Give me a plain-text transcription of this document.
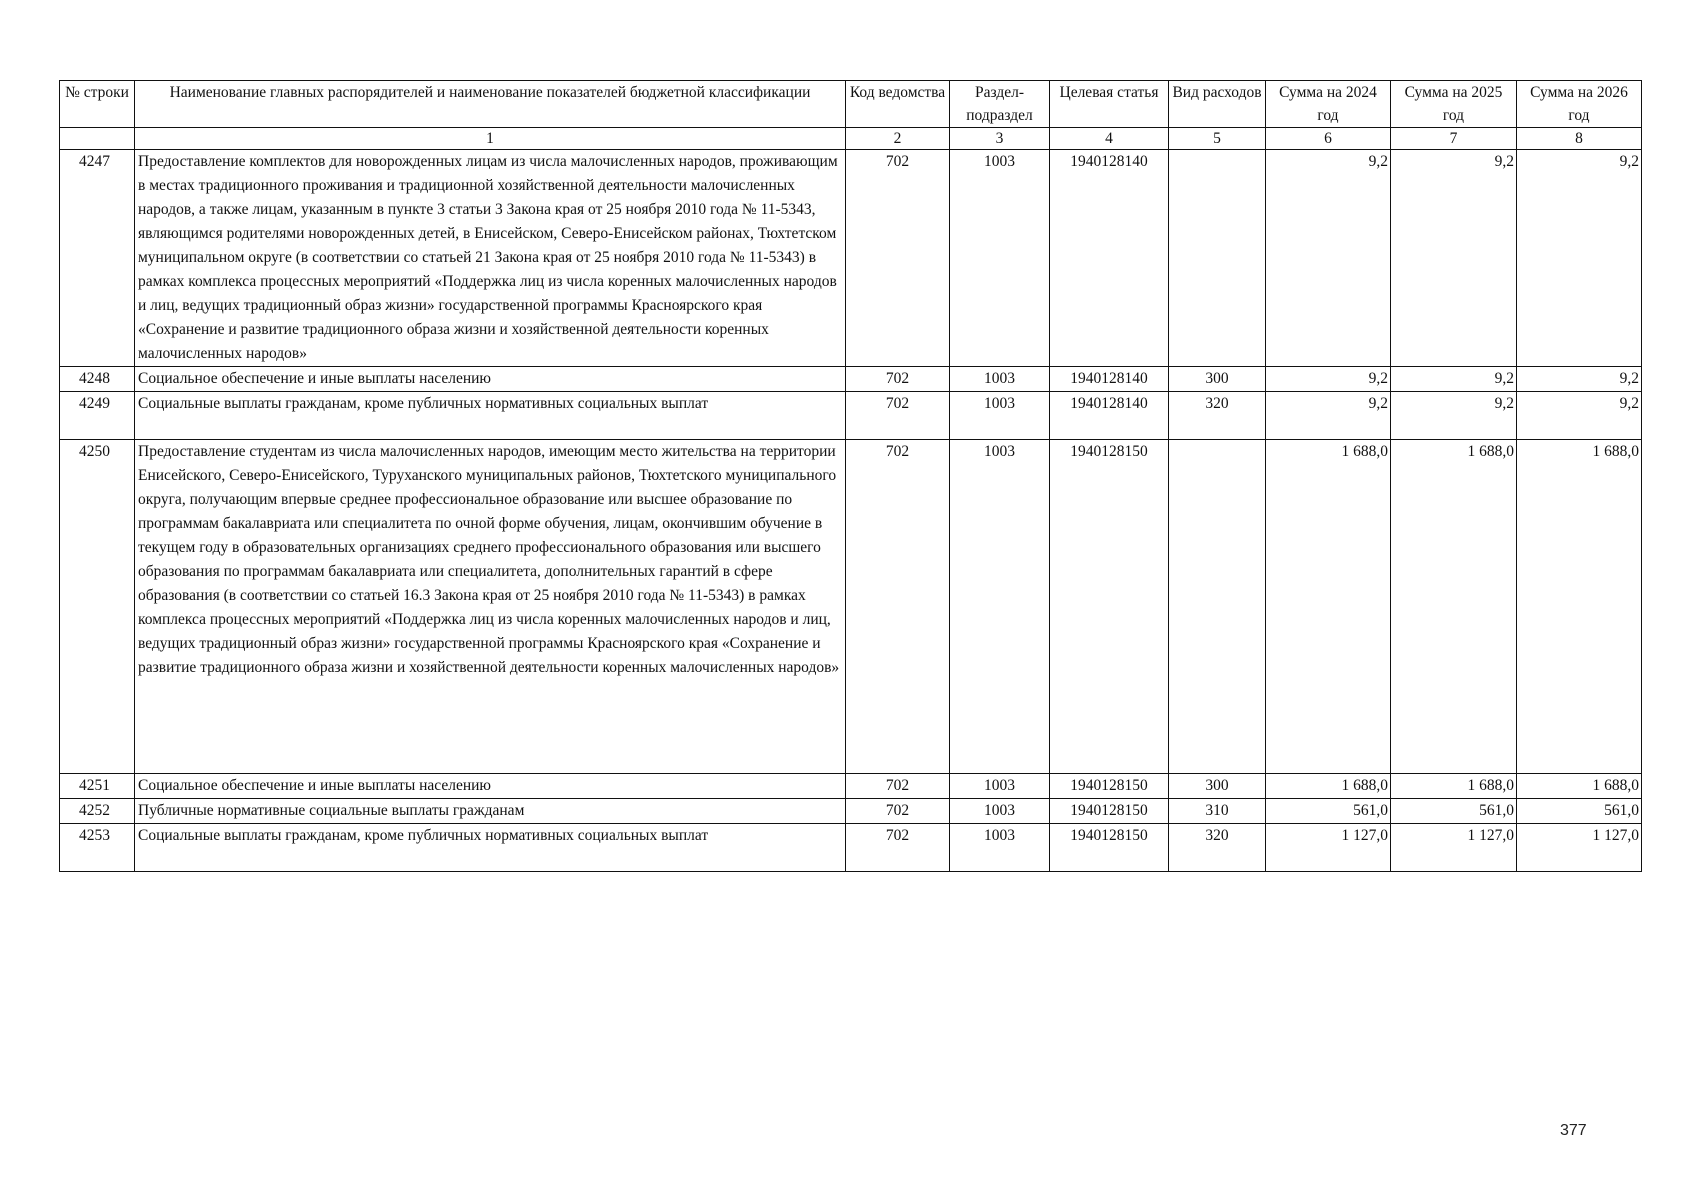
№ строки	Наименование главных распорядителей и наименование показателей бюджетной классификации	Код ведомства	Раздел-подраздел	Целевая статья	Вид расходов	Сумма на 2024 год	Сумма на 2025 год	Сумма на 2026 год
	1	2	3	4	5	6	7	8
4247	Предоставление комплектов для новорожденных лицам из числа малочисленных народов, проживающим в местах традиционного проживания и традиционной хозяйственной деятельности малочисленных народов, а также лицам, указанным в пункте 3 статьи 3 Закона края от 25 ноября 2010 года № 11-5343, являющимся родителями новорожденных детей, в Енисейском, Северо-Енисейском районах, Тюхтетском муниципальном округе (в соответствии со статьей 21 Закона края от 25 ноября 2010 года № 11-5343) в рамках комплекса процессных мероприятий «Поддержка лиц из числа коренных малочисленных народов и лиц, ведущих традиционный образ жизни» государственной программы Красноярского края «Сохранение и развитие традиционного образа жизни и хозяйственной деятельности коренных малочисленных народов»	702	1003	1940128140		9,2	9,2	9,2
4248	Социальное обеспечение и иные выплаты населению	702	1003	1940128140	300	9,2	9,2	9,2
4249	Социальные выплаты гражданам, кроме публичных нормативных социальных выплат	702	1003	1940128140	320	9,2	9,2	9,2
4250	Предоставление студентам из числа малочисленных народов, имеющим место жительства на территории Енисейского, Северо-Енисейского, Туруханского муниципальных районов, Тюхтетского муниципального округа, получающим впервые среднее профессиональное образование или высшее образование по программам бакалавриата или специалитета по очной форме обучения, лицам, окончившим обучение в текущем году в образовательных организациях среднего профессионального образования или высшего образования по программам бакалавриата или специалитета, дополнительных гарантий в сфере образования (в соответствии со статьей 16.3 Закона края от 25 ноября 2010 года № 11-5343) в рамках комплекса процессных мероприятий «Поддержка лиц из числа коренных малочисленных народов и лиц, ведущих традиционный образ жизни» государственной программы Красноярского края «Сохранение и развитие традиционного образа жизни и хозяйственной деятельности коренных малочисленных народов»	702	1003	1940128150		1 688,0	1 688,0	1 688,0
4251	Социальное обеспечение и иные выплаты населению	702	1003	1940128150	300	1 688,0	1 688,0	1 688,0
4252	Публичные нормативные социальные выплаты гражданам	702	1003	1940128150	310	561,0	561,0	561,0
4253	Социальные выплаты гражданам, кроме публичных нормативных социальных выплат	702	1003	1940128150	320	1 127,0	1 127,0	1 127,0
377
